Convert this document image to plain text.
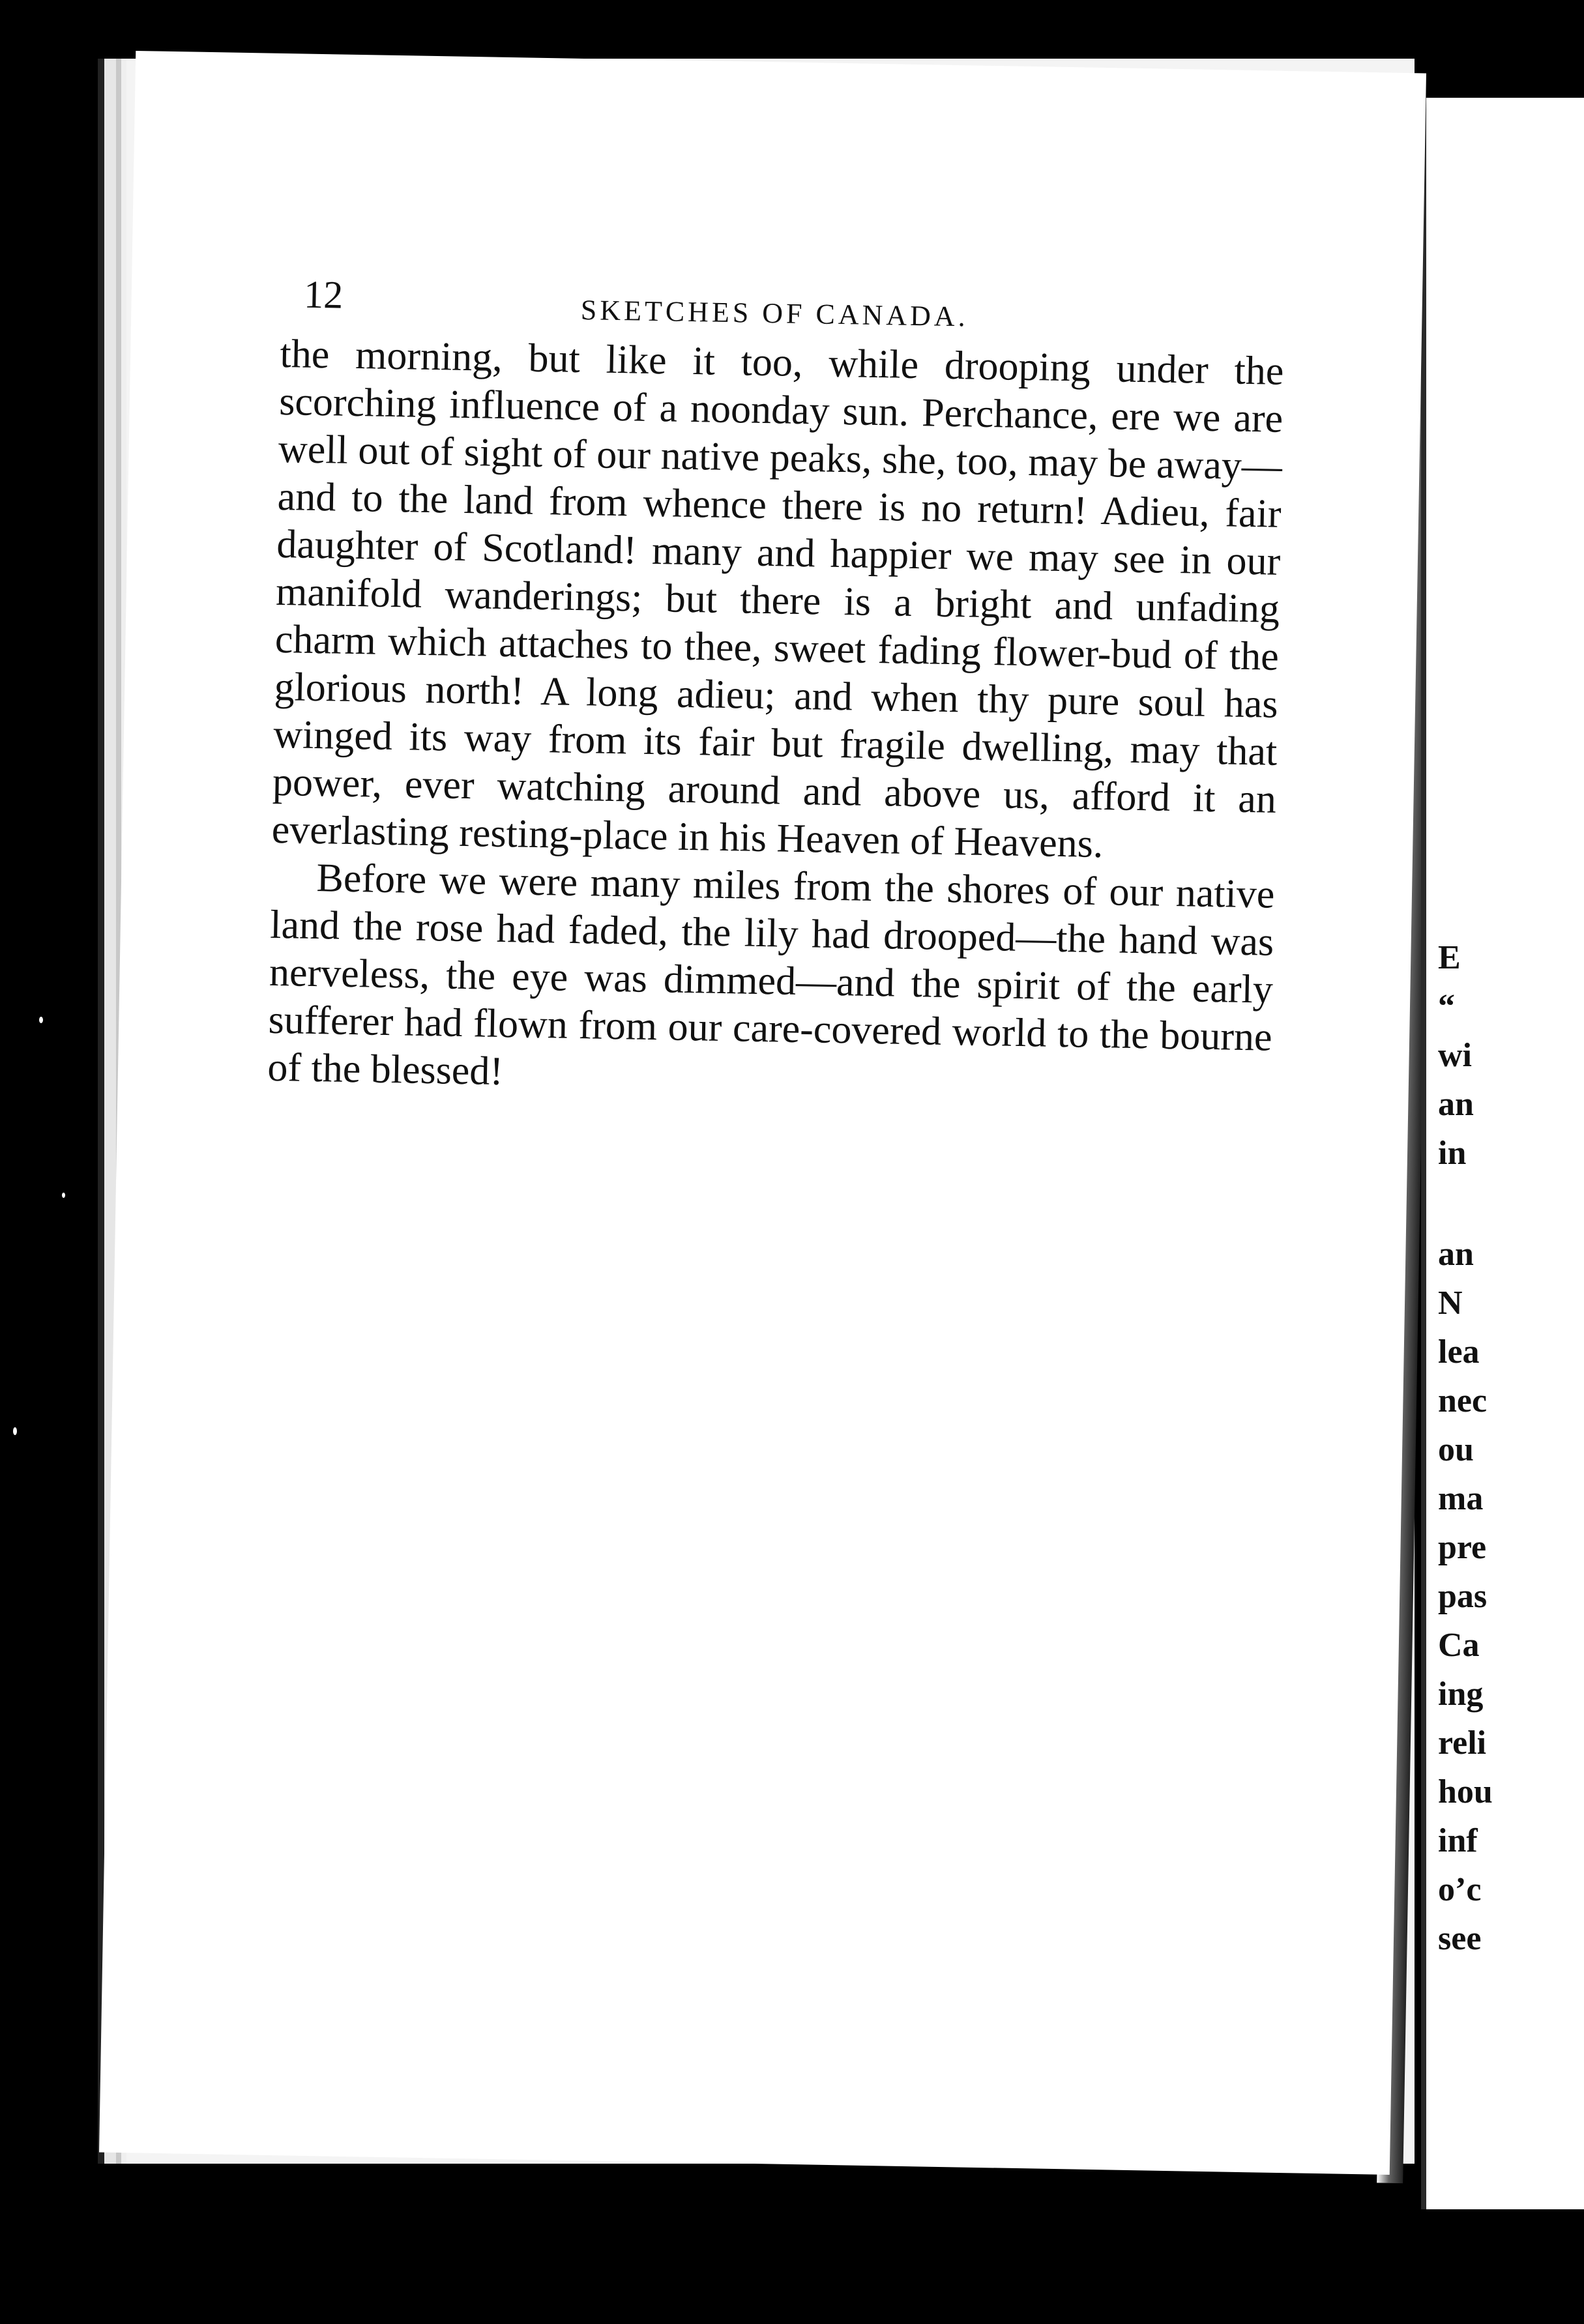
E
“
wi
an
in
an
N
lea
nec
ou
ma
pre
pas
Ca
ing
reli
hou
inf
o’c
see
12	SKETCHES OF CANADA.

the morning, but like it too, while drooping under the scorching influence of a noonday sun. Perchance, ere we are well out of sight of our native peaks, she, too, may be away—and to the land from whence there is no return! Adieu, fair daughter of Scotland! many and happier we may see in our manifold wanderings; but there is a bright and unfading charm which attaches to thee, sweet fading flower-bud of the glorious north! A long adieu; and when thy pure soul has winged its way from its fair but fragile dwelling, may that power, ever watching around and above us, afford it an everlasting resting-place in his Heaven of Heavens.

Before we were many miles from the shores of our native land the rose had faded, the lily had drooped—the hand was nerveless, the eye was dimmed—and the spirit of the early sufferer had flown from our care-covered world to the bourne of the blessed!
